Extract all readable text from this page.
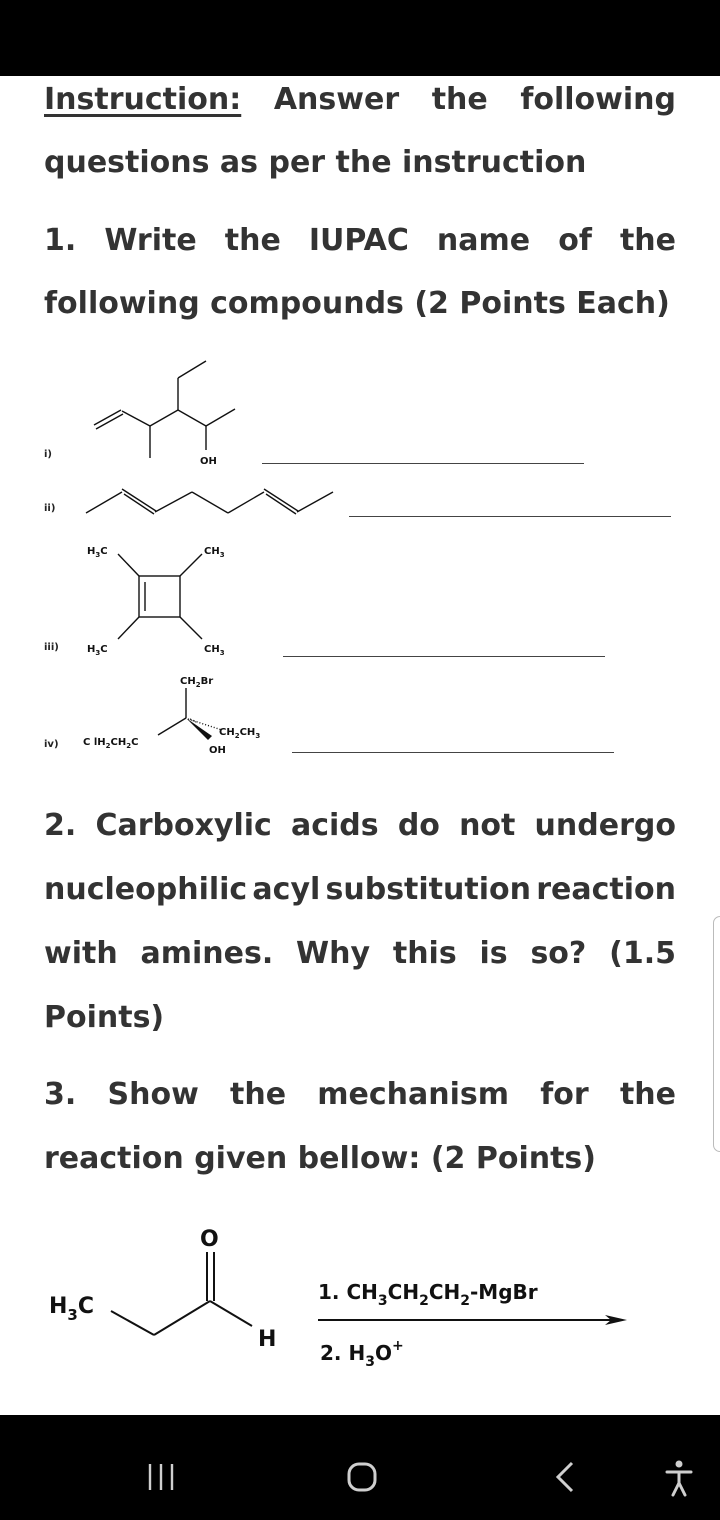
Instruction: Answer the following
questions as per the instruction
1. Write the IUPAC name of the
following compounds (2 Points Each)
i)
ii)
iii)
iv)
OH
$H_3C$	$CH_3$
$H_3C$	$CH_3$
$CH_2Br$
$CH_2CH_3$
OH
C $lH_2CH_2C$
O
H
$H_3C$
1. $CH_3CH_2CH_2$-MgBr
2. $H_3O^+$
2. Carboxylic acids do not undergo
nucleophilic acyl substitution reaction
with amines. Why this is so? (1.5
Points)
3. Show the mechanism for the
reaction given bellow: (2 Points)
